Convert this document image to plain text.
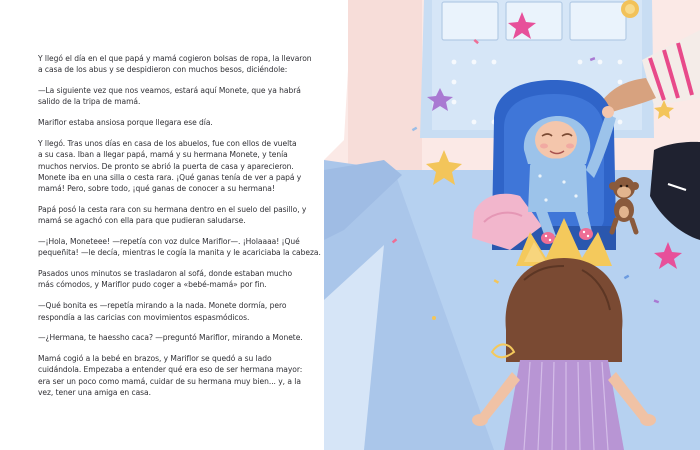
Y llegó el día en el que papá y mamá cogieron bolsas de ropa, la llevaron
a casa de los abus y se despidieron con muchos besos, diciéndole:

—La siguiente vez que nos veamos, estará aquí Monete, que ya habrá
salido de la tripa de mamá.

Mariflor estaba ansiosa porque llegara ese día.

Y llegó. Tras unos días en casa de los abuelos, fue con ellos de vuelta
a su casa. Iban a llegar papá, mamá y su hermana Monete, y tenía
muchos nervios. De pronto se abrió la puerta de casa y aparecieron.
Monete iba en una silla o cesta rara. ¡Qué ganas tenía de ver a papá y
mamá! Pero, sobre todo, ¡qué ganas de conocer a su hermana!

Papá posó la cesta rara con su hermana dentro en el suelo del pasillo, y
mamá se agachó con ella para que pudieran saludarse.

—¡Hola, Moneteee! —repetía con voz dulce Mariflor—. ¡Holaaaa! ¡Qué
pequeñita! —le decía, mientras le cogía la manita y le acariciaba la cabeza.

Pasados unos minutos se trasladaron al sofá, donde estaban mucho
más cómodos, y Mariflor pudo coger a «bebé-mamá» por fin.

—Qué bonita es —repetía mirando a la nada. Monete dormía, pero
respondía a las caricias con movimientos espasmódicos.

—¿Hermana, te haessho caca? —preguntó Mariflor, mirando a Monete.

Mamá cogió a la bebé en brazos, y Mariflor se quedó a su lado
cuidándola. Empezaba a entender qué era eso de ser hermana mayor:
era ser un poco como mamá, cuidar de su hermana muy bien... y, a la
vez, tener una amiga en casa.
